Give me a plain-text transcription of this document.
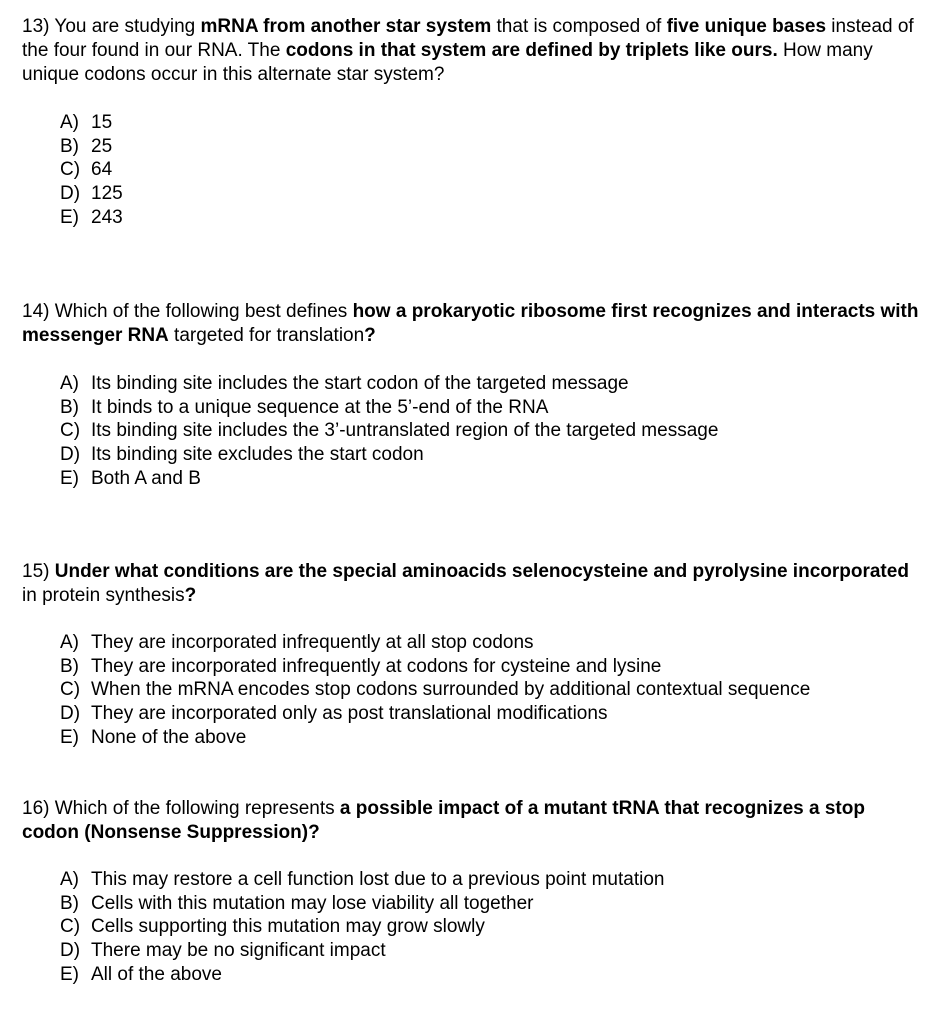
13) You are studying mRNA from another star system that is composed of five unique bases instead of the four found in our RNA. The codons in that system are defined by triplets like ours. How many unique codons occur in this alternate star system?

A) 15
B) 25
C) 64
D) 125
E) 243

14) Which of the following best defines how a prokaryotic ribosome first recognizes and interacts with messenger RNA targeted for translation?

A) Its binding site includes the start codon of the targeted message
B) It binds to a unique sequence at the 5’-end of the RNA
C) Its binding site includes the 3’-untranslated region of the targeted message
D) Its binding site excludes the start codon
E) Both A and B

15) Under what conditions are the special aminoacids selenocysteine and pyrolysine incorporated in protein synthesis?

A) They are incorporated infrequently at all stop codons
B) They are incorporated infrequently at codons for cysteine and lysine
C) When the mRNA encodes stop codons surrounded by additional contextual sequence
D) They are incorporated only as post translational modifications
E) None of the above

16) Which of the following represents a possible impact of a mutant tRNA that recognizes a stop codon (Nonsense Suppression)?

A) This may restore a cell function lost due to a previous point mutation
B) Cells with this mutation may lose viability all together
C) Cells supporting this mutation may grow slowly
D) There may be no significant impact
E) All of the above
